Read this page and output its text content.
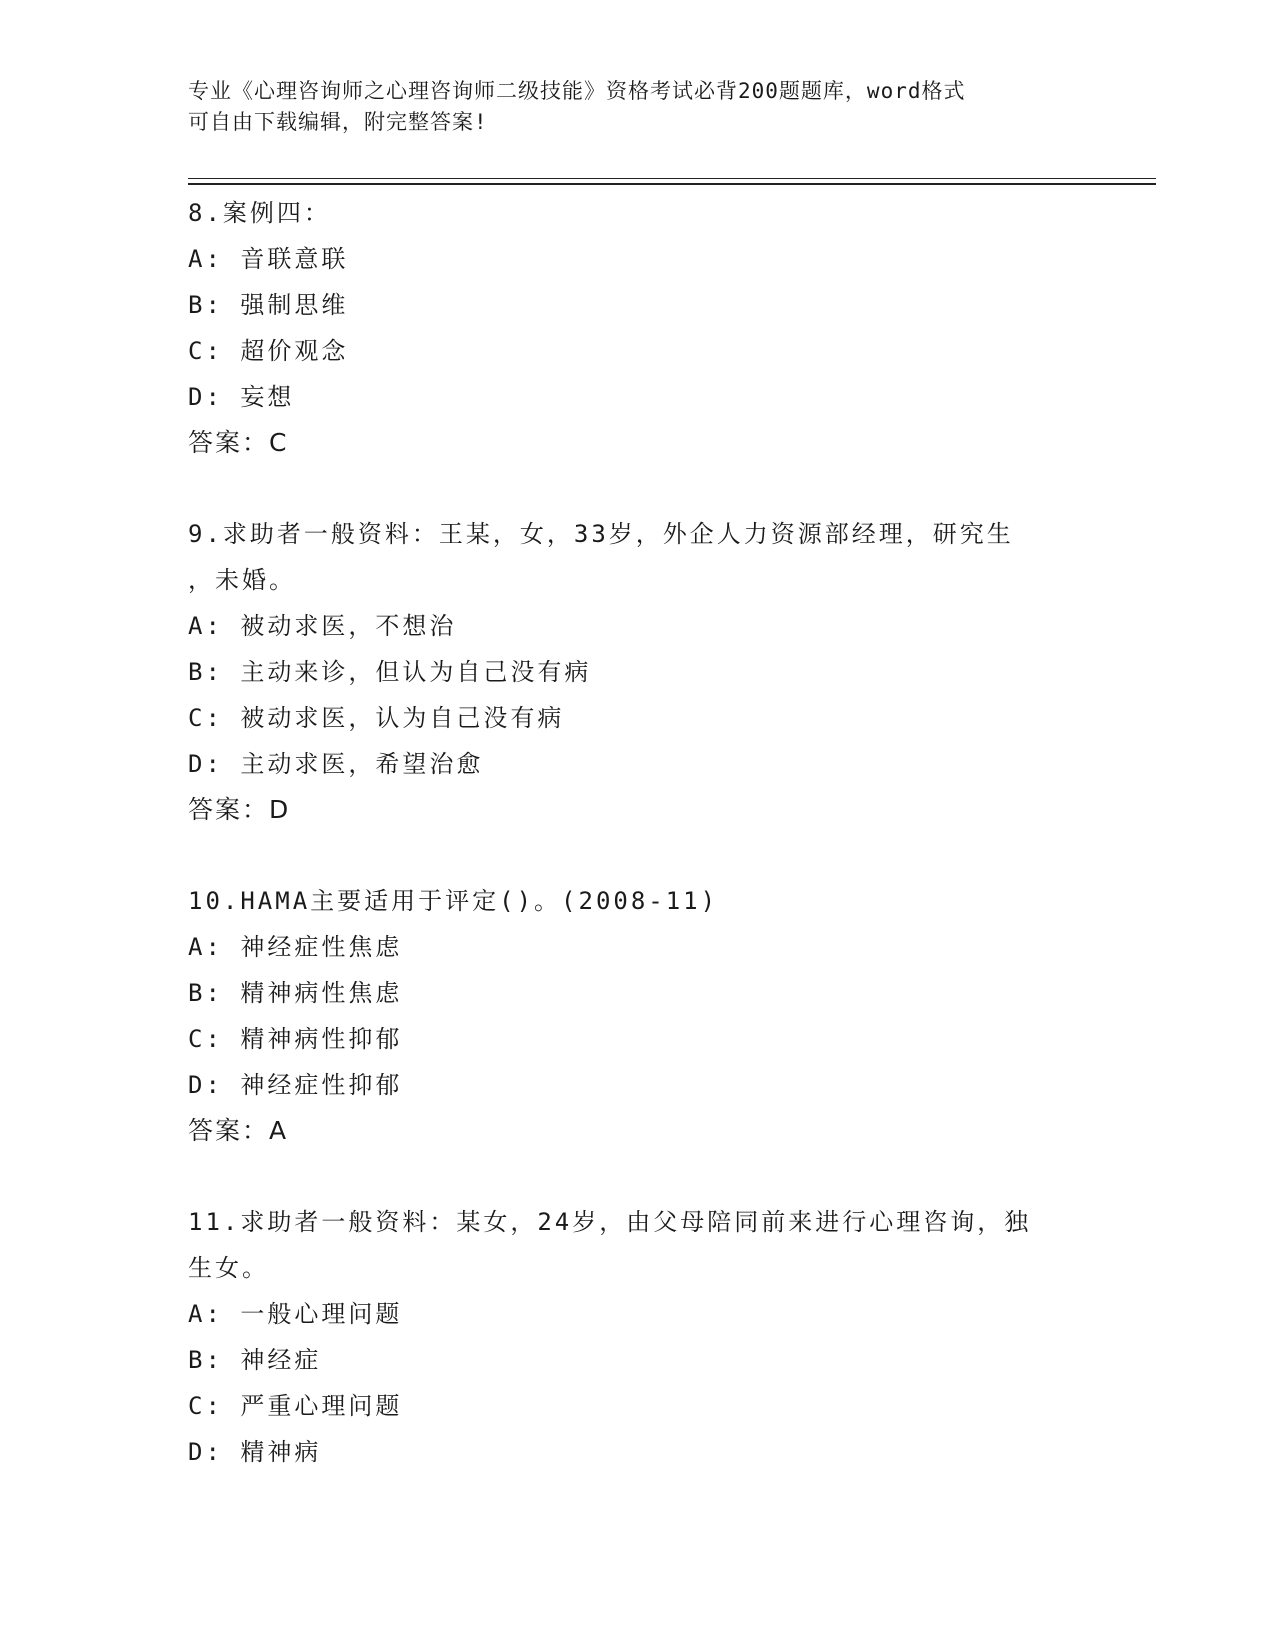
专业《心理咨询师之心理咨询师二级技能》资格考试必背200题题库，word格式
可自由下载编辑，附完整答案!
8.案例四：
A: 音联意联
B: 强制思维
C: 超价观念
D: 妄想
答案：C
9.求助者一般资料：王某，女，33岁，外企人力资源部经理，研究生
，未婚。
A: 被动求医，不想治
B: 主动来诊，但认为自己没有病
C: 被动求医，认为自己没有病
D: 主动求医，希望治愈
答案：D
10.HAMA主要适用于评定()。(2008-11)
A: 神经症性焦虑
B: 精神病性焦虑
C: 精神病性抑郁
D: 神经症性抑郁
答案：A
11.求助者一般资料：某女，24岁，由父母陪同前来进行心理咨询，独
生女。
A: 一般心理问题
B: 神经症
C: 严重心理问题
D: 精神病
